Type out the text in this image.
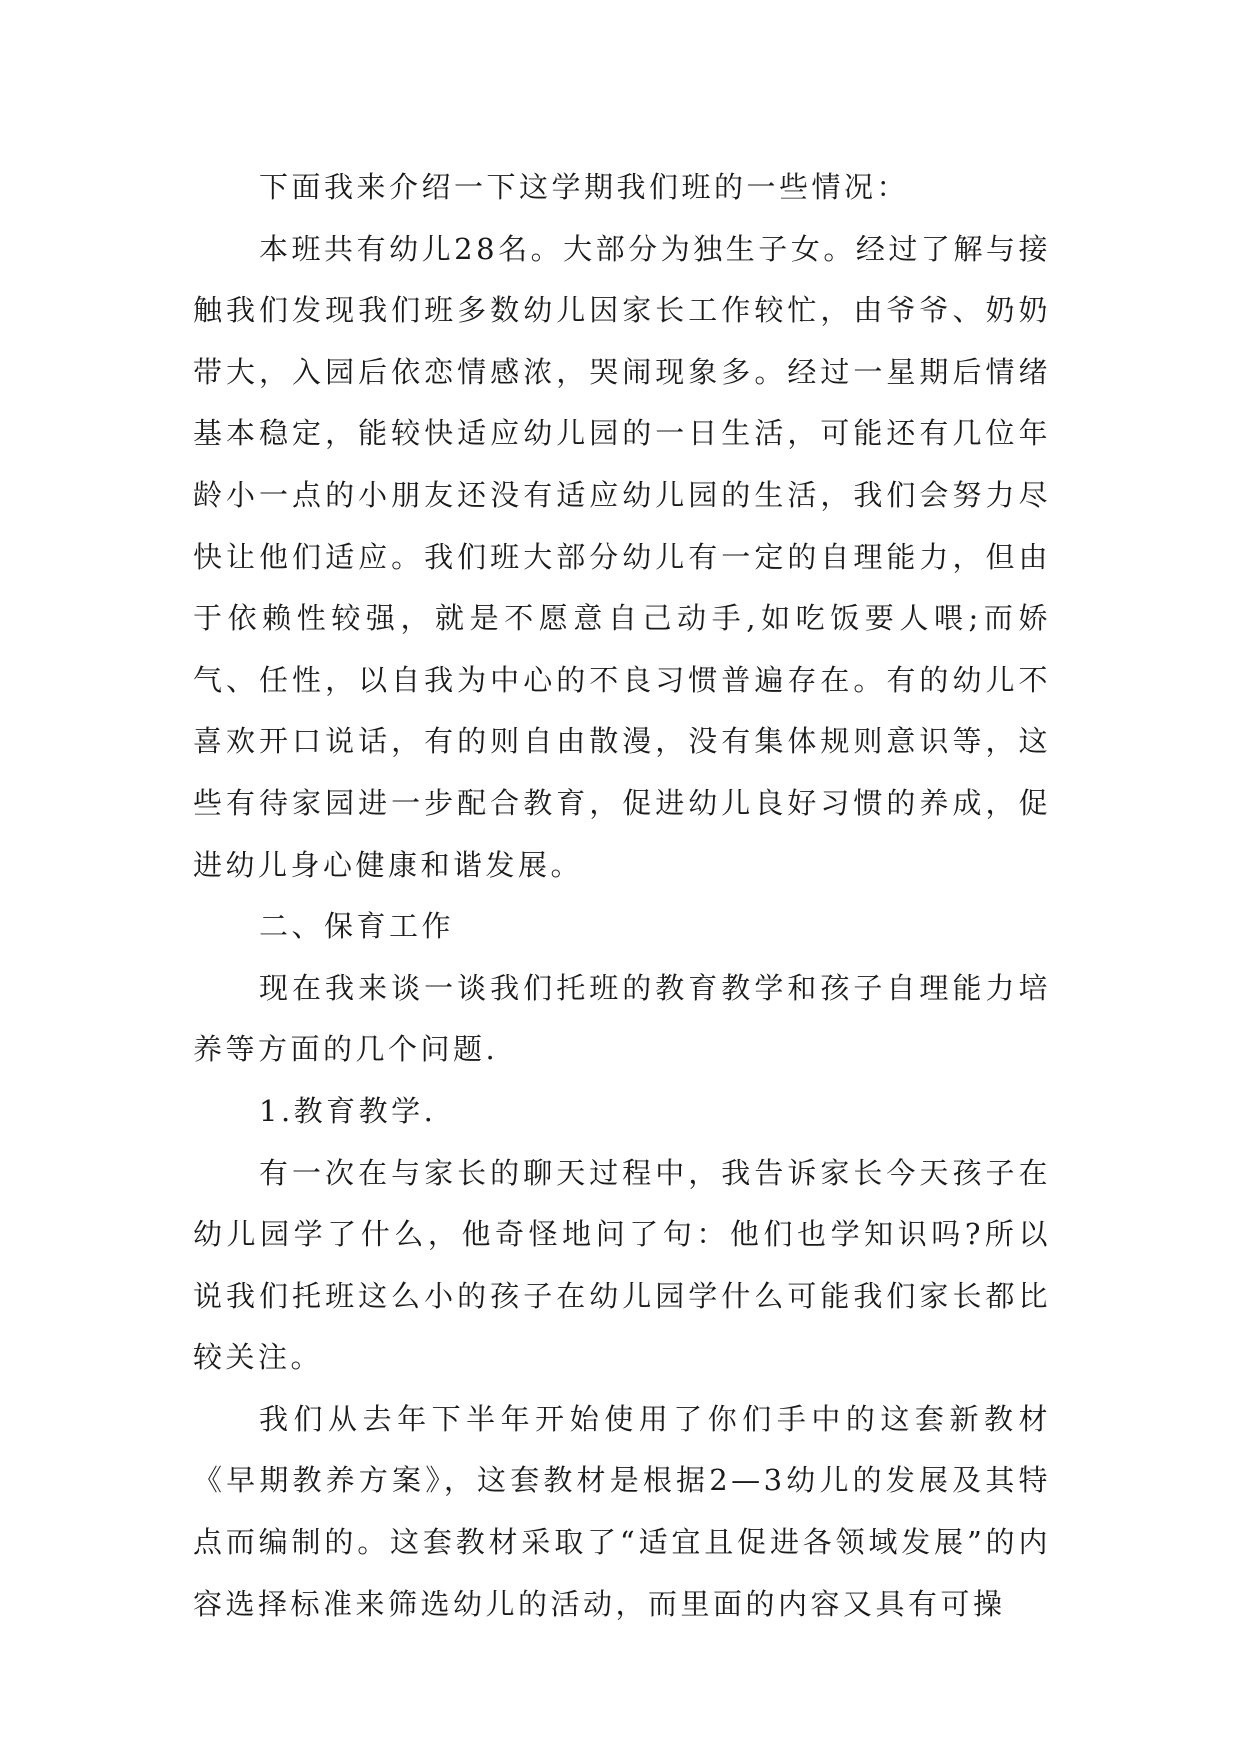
下面我来介绍一下这学期我们班的一些情况：

本班共有幼儿28名。大部分为独生子女。经过了解与接触我们发现我们班多数幼儿因家长工作较忙，由爷爷、奶奶带大，入园后依恋情感浓，哭闹现象多。经过一星期后情绪基本稳定，能较快适应幼儿园的一日生活，可能还有几位年龄小一点的小朋友还没有适应幼儿园的生活，我们会努力尽快让他们适应。我们班大部分幼儿有一定的自理能力，但由于依赖性较强，就是不愿意自己动手,如吃饭要人喂;而娇气、任性，以自我为中心的不良习惯普遍存在。有的幼儿不喜欢开口说话，有的则自由散漫，没有集体规则意识等，这些有待家园进一步配合教育，促进幼儿良好习惯的养成，促进幼儿身心健康和谐发展。

二、保育工作

现在我来谈一谈我们托班的教育教学和孩子自理能力培养等方面的几个问题.

1.教育教学.

有一次在与家长的聊天过程中，我告诉家长今天孩子在幼儿园学了什么，他奇怪地问了句：他们也学知识吗?所以说我们托班这么小的孩子在幼儿园学什么可能我们家长都比较关注。

我们从去年下半年开始使用了你们手中的这套新教材《早期教养方案》，这套教材是根据2—3幼儿的发展及其特点而编制的。这套教材采取了“适宜且促进各领域发展”的内容选择标准来筛选幼儿的活动，而里面的内容又具有可操
